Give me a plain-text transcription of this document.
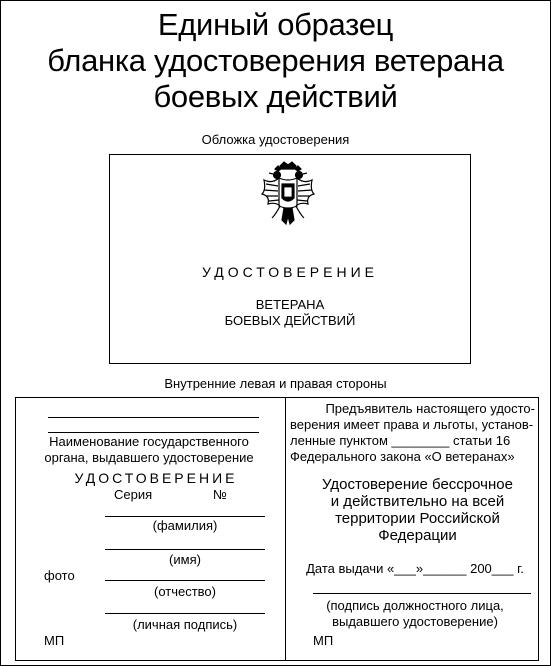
Единый образец
бланка удостоверения ветерана
боевых действий
Обложка удостоверения
УДОСТОВЕРЕНИЕ
ВЕТЕРАНА
БОЕВЫХ ДЕЙСТВИЙ
Внутренние левая и правая стороны
Наименование государственного
органа, выдавшего удостоверение
УДОСТОВЕРЕНИЕ
Серия	№
(фамилия)
(имя)
фото
(отчество)
(личная подпись)
МП
Предъявитель настоящего удосто-
верения имеет права и льготы, установ-
ленные пунктом ________ статьи 16
Федерального закона «О ветеранах»
Удостоверение бессрочное
и действительно на всей
территории Российской
Федерации
Дата выдачи «___»______ 200___ г.
(подпись должностного лица,
выдавшего удостоверение)
МП
